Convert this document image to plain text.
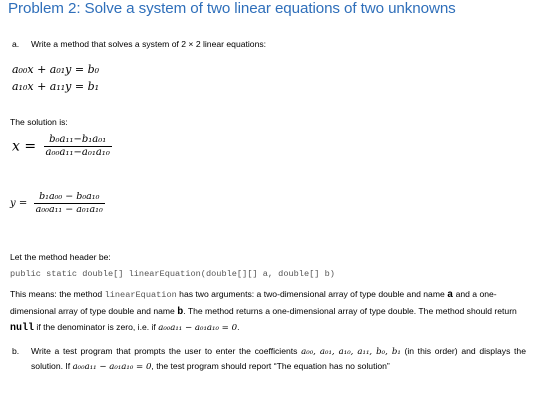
Problem 2: Solve a system of two linear equations of two unknowns
a. Write a method that solves a system of 2 × 2 linear equations:
a₀₀x + a₀₁y = b₀
a₁₀x + a₁₁y = b₁
The solution is:
$x = \frac{\text{b₀a₁₁−b₁a₀₁}}{\text{a₀₀a₁₁−a₀₁a₁₀}}$
$y = \frac{\text{b₁a₀₀ − b₀a₁₀}}{\text{a₀₀a₁₁ − a₀₁a₁₀}}$
Let the method header be:
public static double[] linearEquation(double[][] a, double[] b)
This means: the method linearEquation has two arguments: a two-dimensional array of type double and name a and a one-dimensional array of type double and name b. The method returns a one-dimensional array of type double. The method should return null if the denominator is zero, i.e. if a₀₀a₁₁ − a₀₁a₁₀ = 0.
b. Write a test program that prompts the user to enter the coefficients a₀₀, a₀₁, a₁₀, a₁₁, b₀, b₁ (in this order) and displays the solution. If a₀₀a₁₁ − a₀₁a₁₀ = 0, the test program should report “The equation has no solution”
